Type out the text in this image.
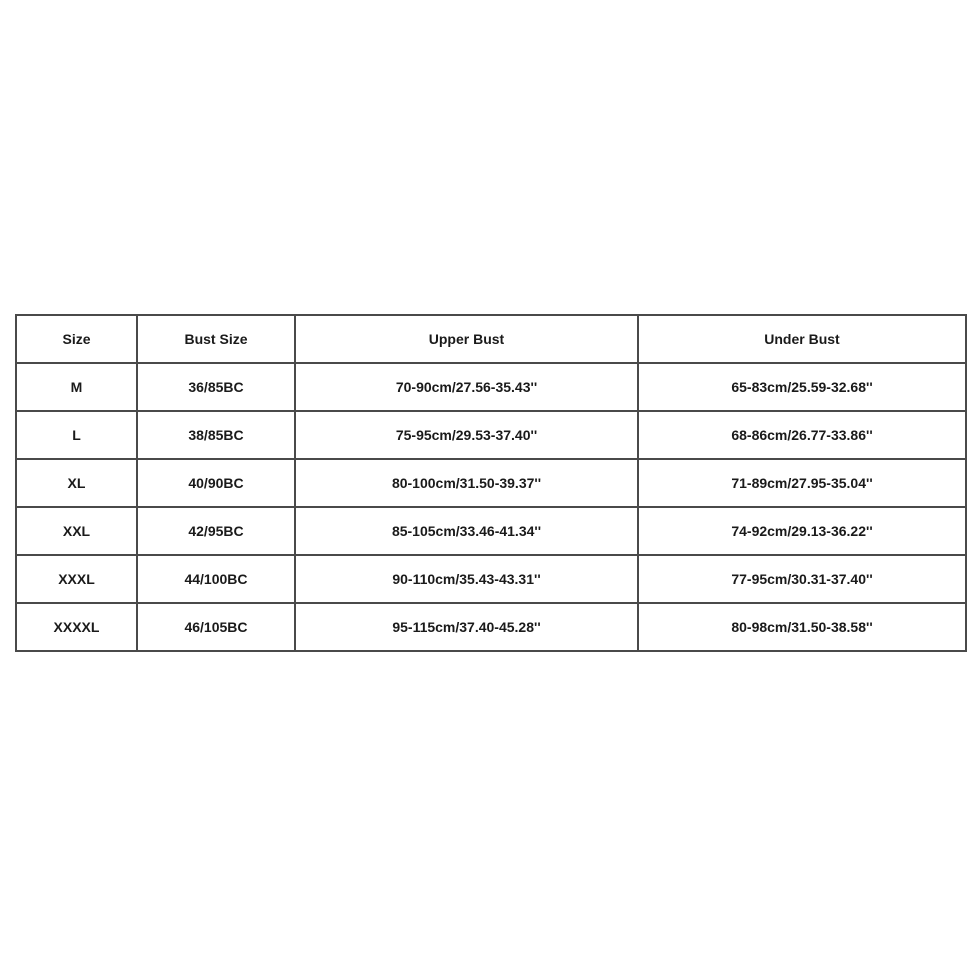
Size	Bust Size	Upper Bust	Under Bust
M	36/85BC	70-90cm/27.56-35.43''	65-83cm/25.59-32.68''
L	38/85BC	75-95cm/29.53-37.40''	68-86cm/26.77-33.86''
XL	40/90BC	80-100cm/31.50-39.37''	71-89cm/27.95-35.04''
XXL	42/95BC	85-105cm/33.46-41.34''	74-92cm/29.13-36.22''
XXXL	44/100BC	90-110cm/35.43-43.31''	77-95cm/30.31-37.40''
XXXXL	46/105BC	95-115cm/37.40-45.28''	80-98cm/31.50-38.58''
